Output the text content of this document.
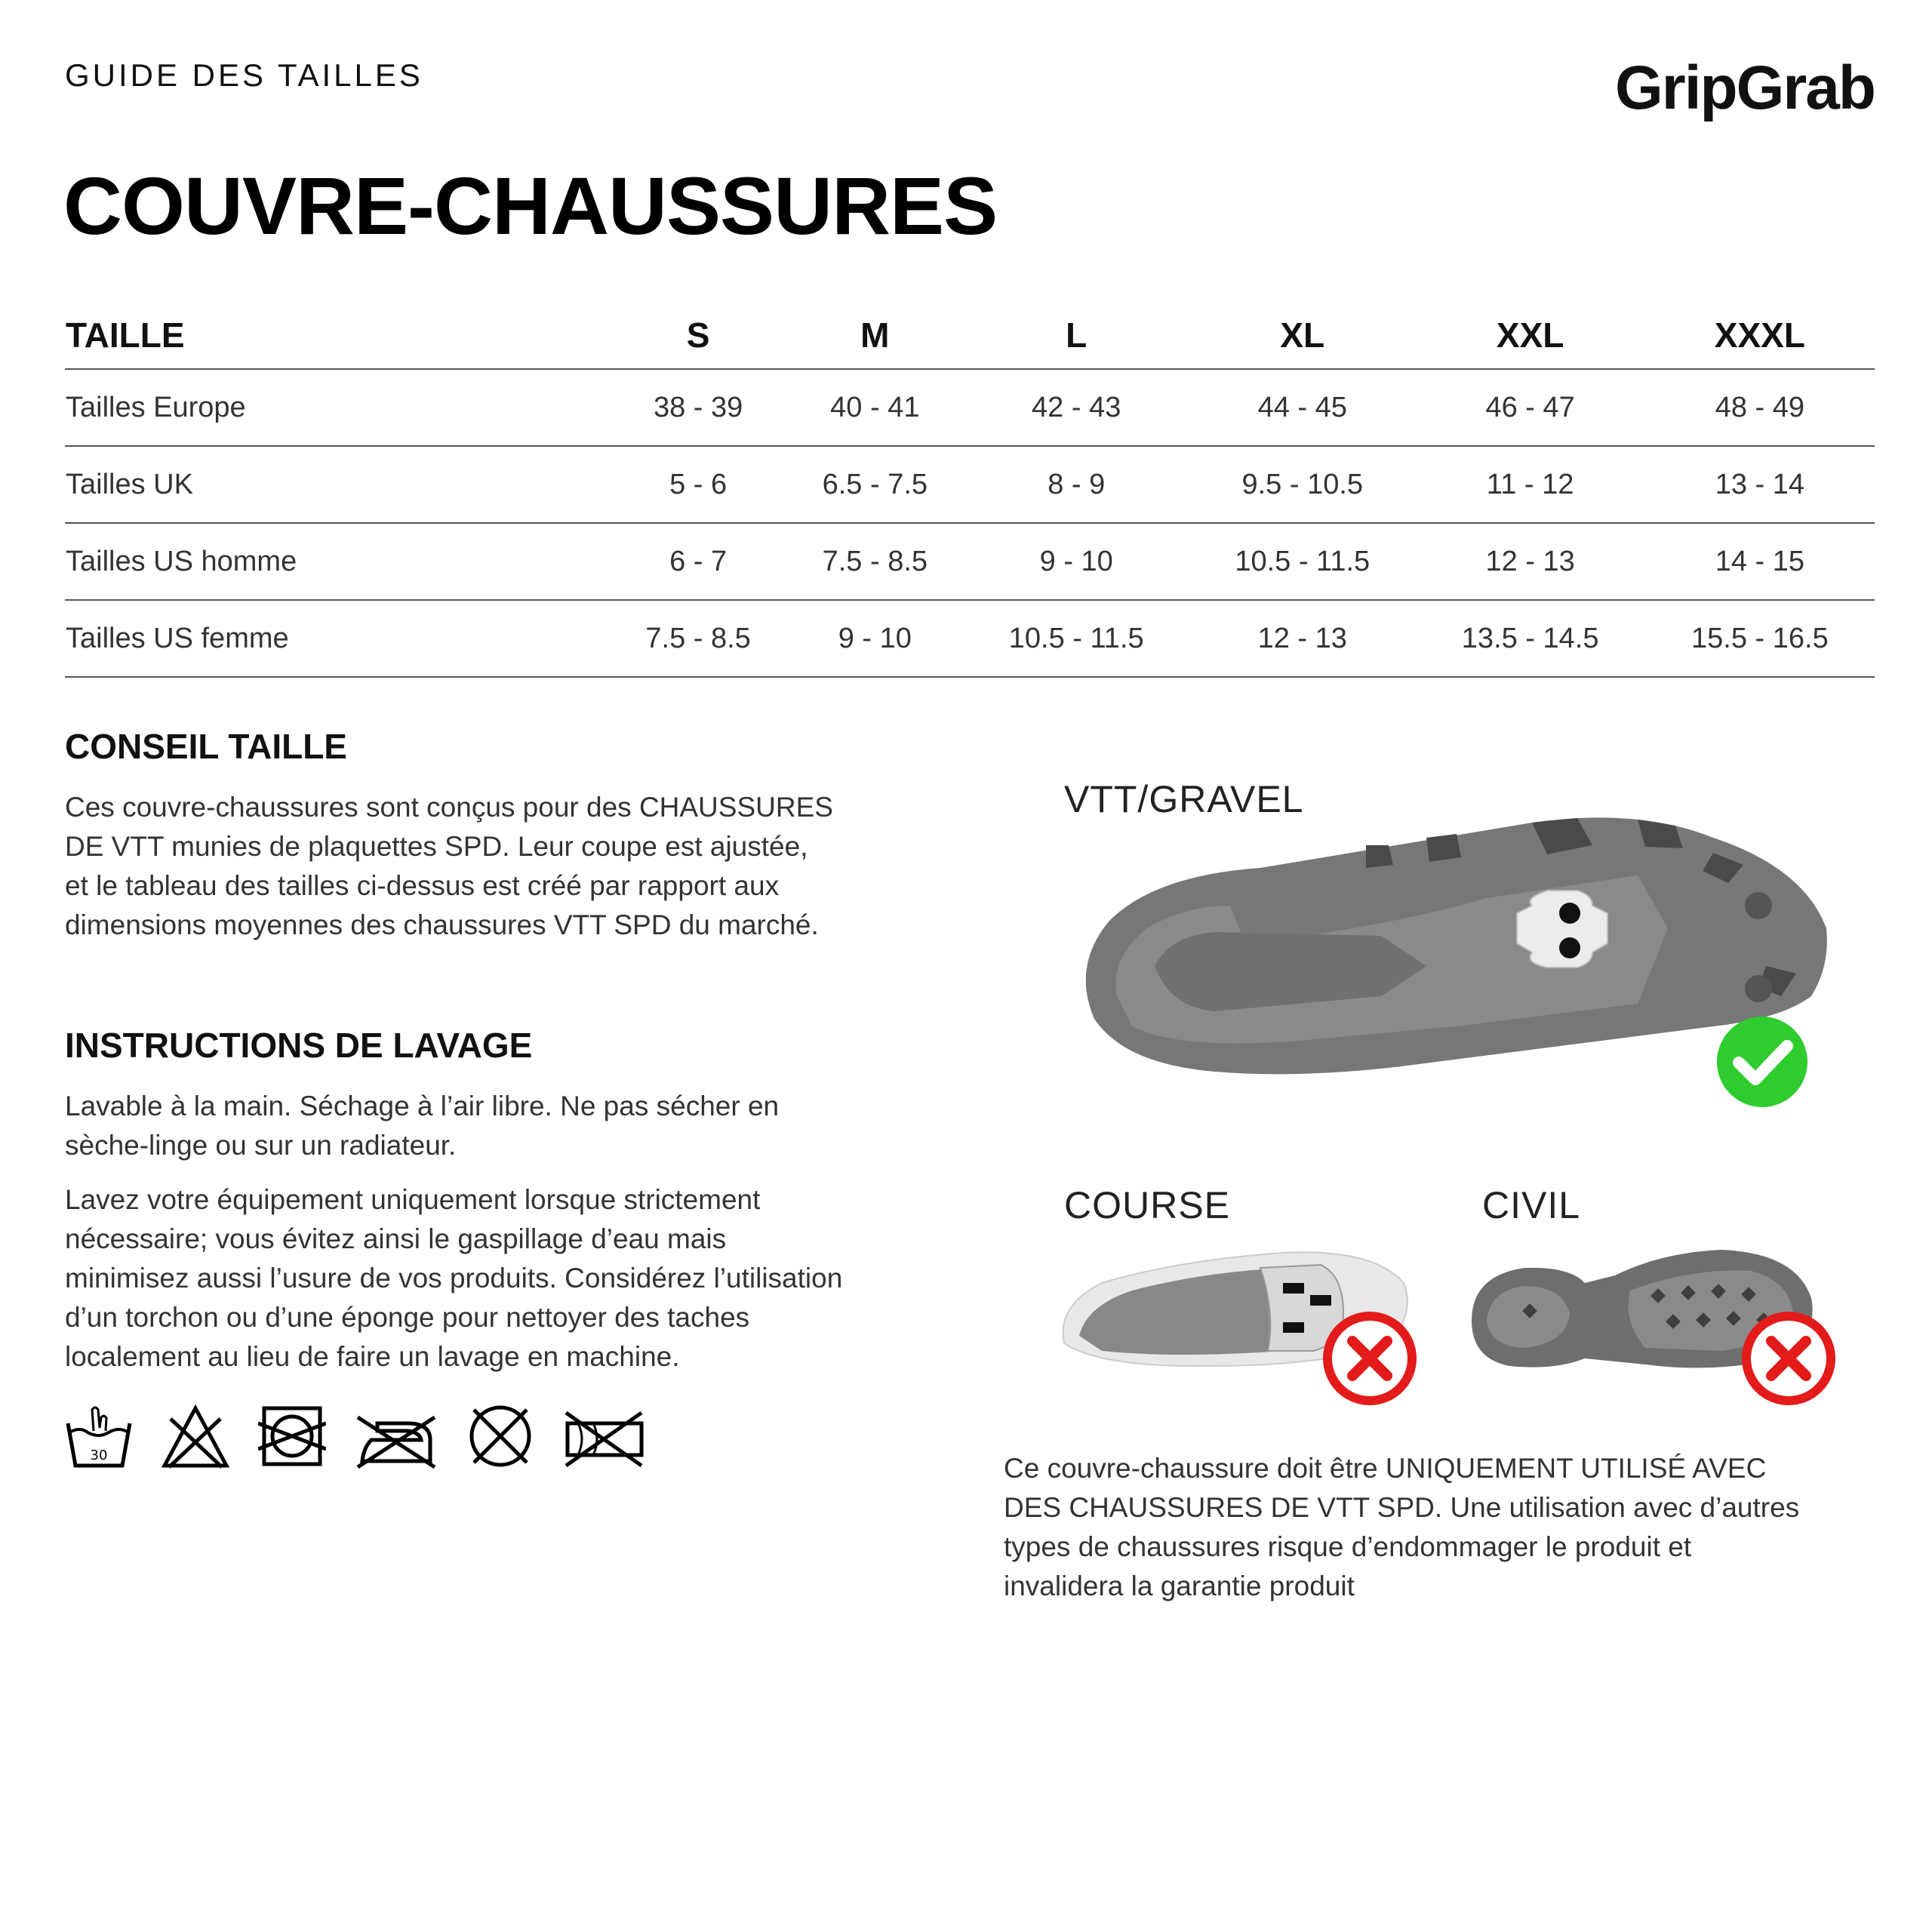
GUIDE DES TAILLES	GripGrab
COUVRE-CHAUSSURES
TAILLE	S	M	L	XL	XXL	XXXL
Tailles Europe	38 - 39	40 - 41	42 - 43	44 - 45	46 - 47	48 - 49
Tailles UK	5 - 6	6.5 - 7.5	8 - 9	9.5 - 10.5	11 - 12	13 - 14
Tailles US homme	6 - 7	7.5 - 8.5	9 - 10	10.5 - 11.5	12 - 13	14 - 15
Tailles US femme	7.5 - 8.5	9 - 10	10.5 - 11.5	12 - 13	13.5 - 14.5	15.5 - 16.5
CONSEIL TAILLE

Ces couvre-chaussures sont conçus pour des CHAUSSURES
DE VTT munies de plaquettes SPD. Leur coupe est ajustée,
et le tableau des tailles ci-dessus est créé par rapport aux
dimensions moyennes des chaussures VTT SPD du marché.

INSTRUCTIONS DE LAVAGE

Lavable à la main. Séchage à l’air libre. Ne pas sécher en
sèche-linge ou sur un radiateur.

Lavez votre équipement uniquement lorsque strictement
nécessaire; vous évitez ainsi le gaspillage d’eau mais
minimisez aussi l’usure de vos produits. Considérez l’utilisation
d’un torchon ou d’une éponge pour nettoyer des taches
localement au lieu de faire un lavage en machine.

30
VTT/GRAVEL
COURSE	CIVIL

Ce couvre-chaussure doit être UNIQUEMENT UTILISÉ AVEC
DES CHAUSSURES DE VTT SPD. Une utilisation avec d’autres
types de chaussures risque d’endommager le produit et
invalidera la garantie produit
